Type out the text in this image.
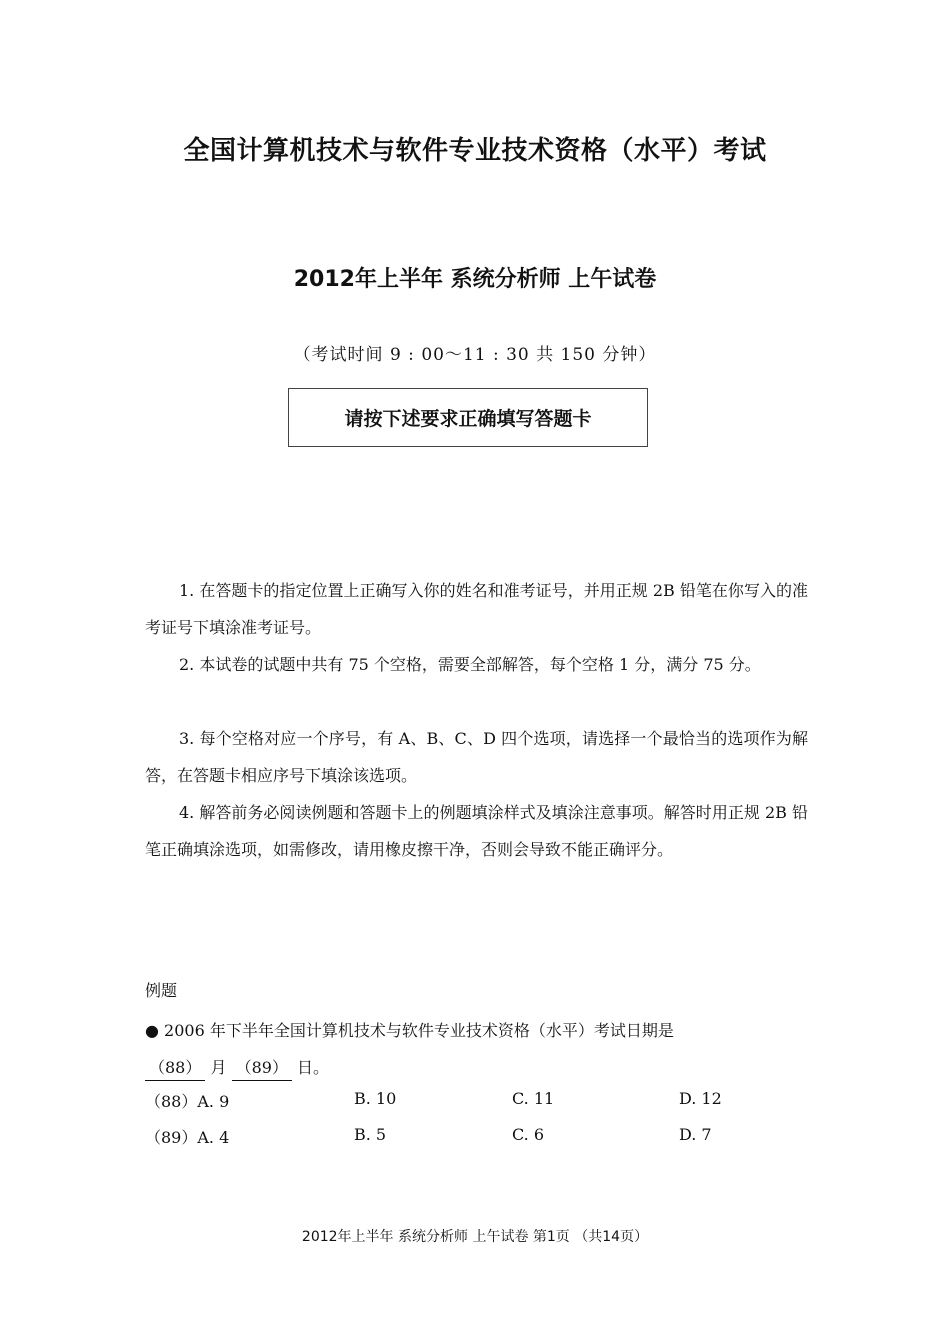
全国计算机技术与软件专业技术资格（水平）考试
2012年上半年 系统分析师 上午试卷
（考试时间 9 : 00～11 : 30 共 150 分钟）
请按下述要求正确填写答题卡
1. 在答题卡的指定位置上正确写入你的姓名和准考证号，并用正规 2B 铅笔在你写入的准考证号下填涂准考证号。
2. 本试卷的试题中共有 75 个空格，需要全部解答，每个空格 1 分，满分 75 分。
3. 每个空格对应一个序号，有 A、B、C、D 四个选项，请选择一个最恰当的选项作为解答，在答题卡相应序号下填涂该选项。
4. 解答前务必阅读例题和答题卡上的例题填涂样式及填涂注意事项。解答时用正规 2B 铅笔正确填涂选项，如需修改，请用橡皮擦干净，否则会导致不能正确评分。
例题
● 2006 年下半年全国计算机技术与软件专业技术资格（水平）考试日期是
（88） 月 （89） 日。
（88）A. 9	B. 10	C. 11	D. 12
（89）A. 4	B. 5	C. 6	D. 7
2012年上半年 系统分析师 上午试卷 第1页 （共14页）
